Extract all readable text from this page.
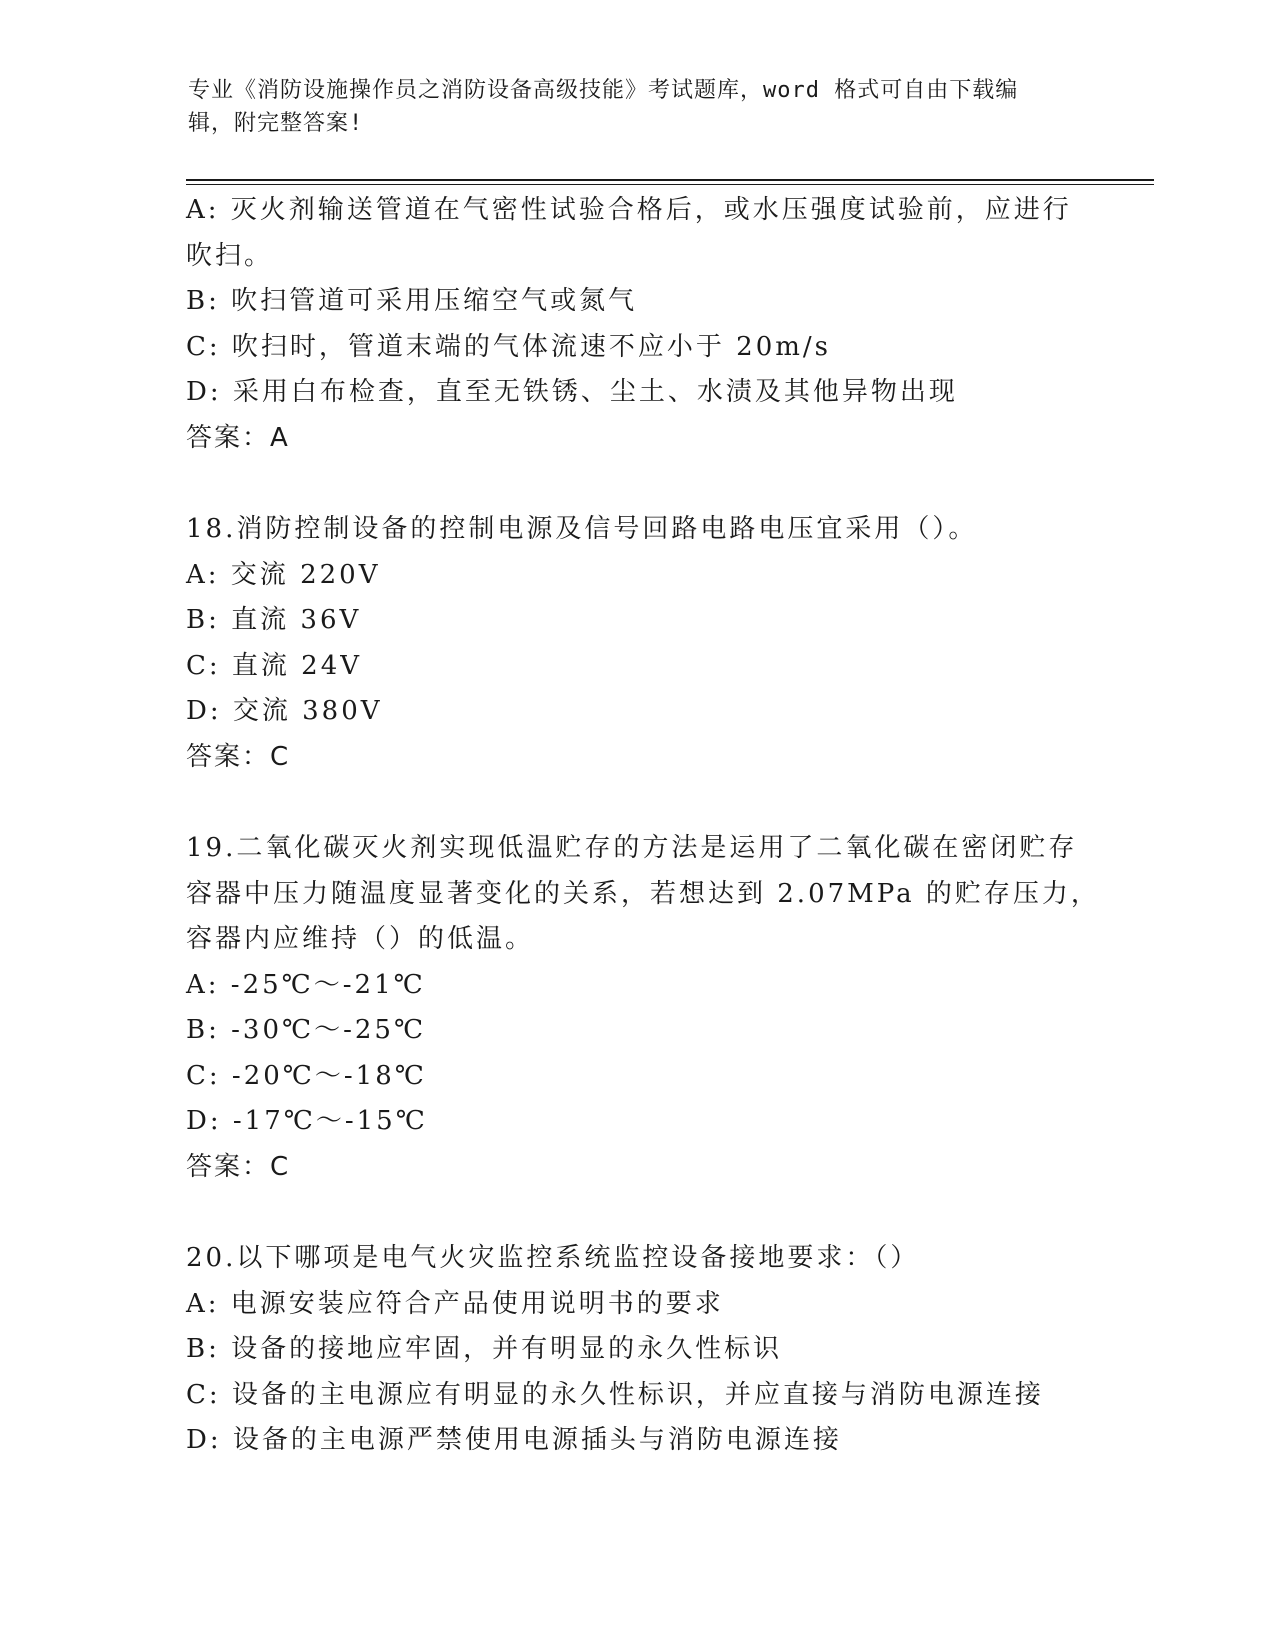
专业《消防设施操作员之消防设备高级技能》考试题库，word 格式可自由下载编
辑，附完整答案!
A: 灭火剂输送管道在气密性试验合格后，或水压强度试验前，应进行
吹扫。
B: 吹扫管道可采用压缩空气或氮气
C: 吹扫时，管道末端的气体流速不应小于 20m/s
D: 采用白布检查，直至无铁锈、尘土、水渍及其他异物出现
答案：A
18.消防控制设备的控制电源及信号回路电路电压宜采用（）。
A: 交流 220V
B: 直流 36V
C: 直流 24V
D: 交流 380V
答案：C
19.二氧化碳灭火剂实现低温贮存的方法是运用了二氧化碳在密闭贮存
容器中压力随温度显著变化的关系，若想达到 2.07MPa 的贮存压力，
容器内应维持（）的低温。
A: -25℃～-21℃
B: -30℃～-25℃
C: -20℃～-18℃
D: -17℃～-15℃
答案：C
20.以下哪项是电气火灾监控系统监控设备接地要求：（）
A: 电源安装应符合产品使用说明书的要求
B: 设备的接地应牢固，并有明显的永久性标识
C: 设备的主电源应有明显的永久性标识，并应直接与消防电源连接
D: 设备的主电源严禁使用电源插头与消防电源连接
